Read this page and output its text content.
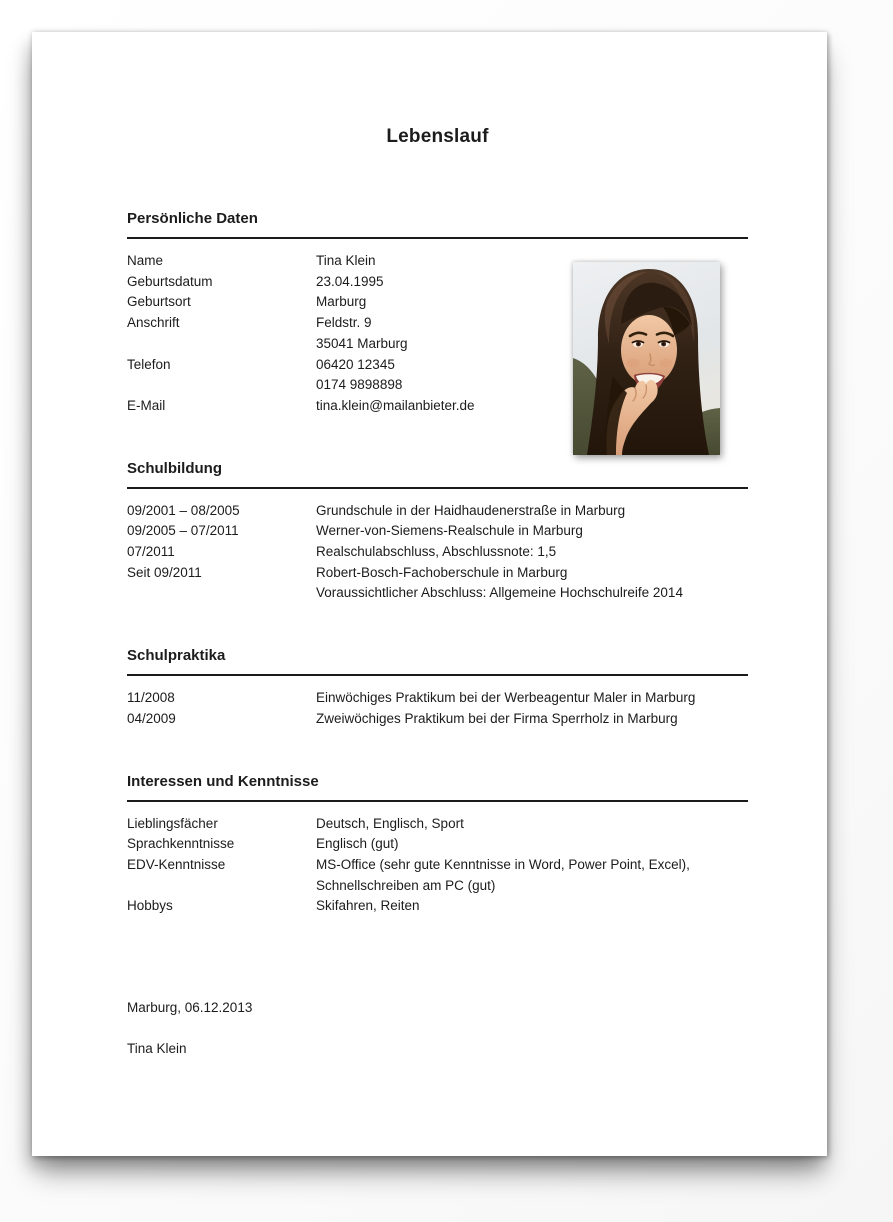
Lebenslauf
Persönliche Daten
Name	Tina Klein
Geburtsdatum	23.04.1995
Geburtsort	Marburg
Anschrift	Feldstr. 9
35041 Marburg
Telefon	06420 12345
0174 9898898
E-Mail	tina.klein@mailanbieter.de
Schulbildung
09/2001 – 08/2005	Grundschule in der Haidhaudenerstraße in Marburg
09/2005 – 07/2011	Werner-von-Siemens-Realschule in Marburg
07/2011	Realschulabschluss, Abschlussnote: 1,5
Seit 09/2011	Robert-Bosch-Fachoberschule in Marburg
Voraussichtlicher Abschluss: Allgemeine Hochschulreife 2014
Schulpraktika
11/2008	Einwöchiges Praktikum bei der Werbeagentur Maler in Marburg
04/2009	Zweiwöchiges Praktikum bei der Firma Sperrholz in Marburg
Interessen und Kenntnisse
Lieblingsfächer	Deutsch, Englisch, Sport
Sprachkenntnisse	Englisch (gut)
EDV-Kenntnisse	MS-Office (sehr gute Kenntnisse in Word, Power Point, Excel),
Schnellschreiben am PC (gut)
Hobbys	Skifahren, Reiten
Marburg, 06.12.2013
Tina Klein
